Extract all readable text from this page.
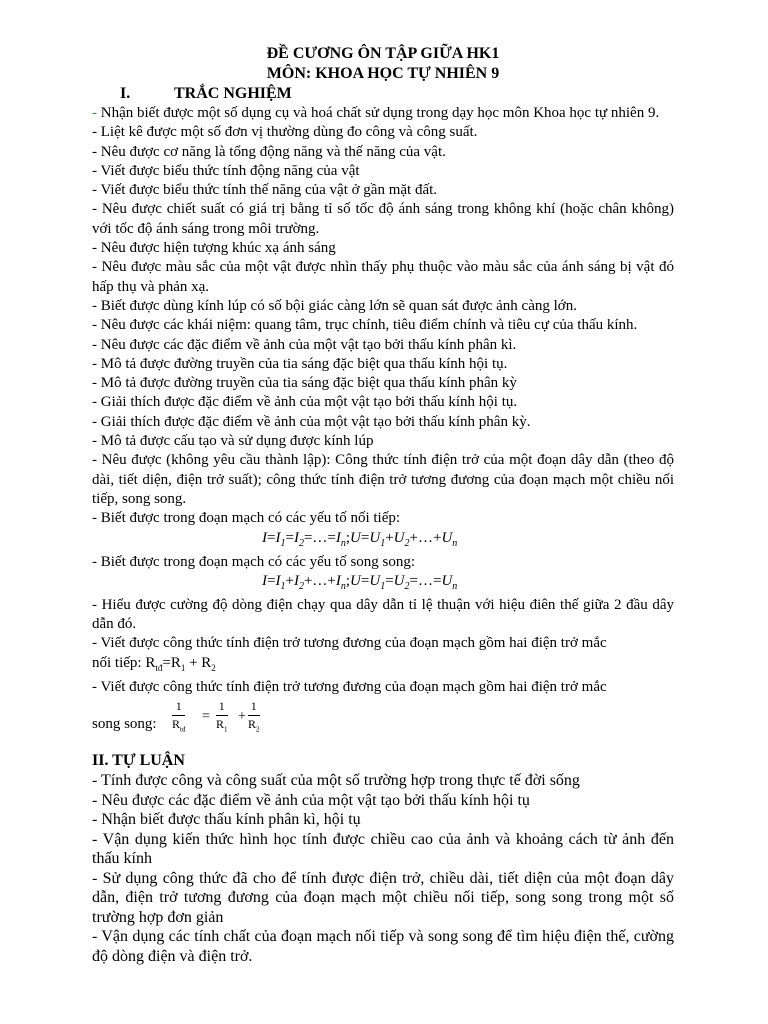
ĐỀ CƯƠNG ÔN TẬP GIỮA HK1
MÔN: KHOA HỌC TỰ NHIÊN 9
I.	TRẮC NGHIỆM
- Nhận biết được một số dụng cụ và hoá chất sử dụng trong dạy học môn Khoa học tự nhiên 9.
- Liệt kê được một số đơn vị thường dùng đo công và công suất.
- Nêu được cơ năng là tổng động năng và thế năng của vật.
- Viết được biểu thức tính động năng của vật
- Viết được biểu thức tính thế năng của vật ở gần mặt đất.
- Nêu được chiết suất có giá trị bằng tỉ số tốc độ ánh sáng trong không khí (hoặc chân không) với tốc độ ánh sáng trong môi trường.
- Nêu được hiện tượng khúc xạ ánh sáng
- Nêu được màu sắc của một vật được nhìn thấy phụ thuộc vào màu sắc của ánh sáng bị vật đó hấp thụ và phản xạ.
- Biết được dùng kính lúp có số bội giác càng lớn sẽ quan sát được ảnh càng lớn.
- Nêu được các khái niệm: quang tâm, trục chính, tiêu điểm chính và tiêu cự của thấu kính.
- Nêu được các đặc điểm về ảnh của một vật tạo bởi thấu kính phân kì.
- Mô tả được đường truyền của tia sáng đặc biệt qua thấu kính hội tụ.
- Mô tả được đường truyền của tia sáng đặc biệt qua thấu kính phân kỳ
- Giải thích được đặc điểm về ảnh của một vật tạo bởi thấu kính hội tụ.
- Giải thích được đặc điểm về ảnh của một vật tạo bởi thấu kính phân kỳ.
- Mô tả được cấu tạo và sử dụng được kính lúp
- Nêu được (không yêu cầu thành lập): Công thức tính điện trở của một đoạn dây dẫn (theo độ dài, tiết diện, điện trở suất); công thức tính điện trở tương đương của đoạn mạch một chiều nối tiếp, song song.
- Biết được trong đoạn mạch có các yếu tố nối tiếp:
$I=I_1=I_2=\dots=I_n;U=U_1+U_2+\dots+U_n$
- Biết được trong đoạn mạch có các yếu tố song song:
$I=I_1+I_2+\dots+I_n;U=U_1=U_2=\dots=U_n$
- Hiểu được cường độ dòng điện chạy qua dây dẫn tỉ lệ thuận với hiệu điên thế giữa 2 đầu dây dẫn đó.
- Viết được công thức tính điện trở tương đương của đoạn mạch gồm hai điện trở mắc
nối tiếp: $R_{tđ}=R_1 + R_2$
- Viết được công thức tính điện trở tương đương của đoạn mạch gồm hai điện trở mắc
song song:
1
$R_{tđ}$
= $\frac{1}{R_1} + \frac{1}{R_2}$
II. TỰ LUẬN
- Tính được công và công suất của một số trường hợp trong thực tế đời sống
- Nêu được các đặc điểm về ảnh của một vật tạo bởi thấu kính hội tụ
- Nhận biết được thấu kính phân kì, hội tụ
- Vận dụng kiến thức hình học tính được chiều cao của ảnh và khoảng cách từ ảnh đến thấu kính
- Sử dụng công thức đã cho để tính được điện trở, chiều dài, tiết diện của một đoạn dây dẫn, điện trở tương đương của đoạn mạch một chiều nối tiếp, song song trong một số trường hợp đơn giản
- Vận dụng các tính chất của đoạn mạch nối tiếp và song song để tìm hiệu điện thế, cường độ dòng điện và điện trở.
